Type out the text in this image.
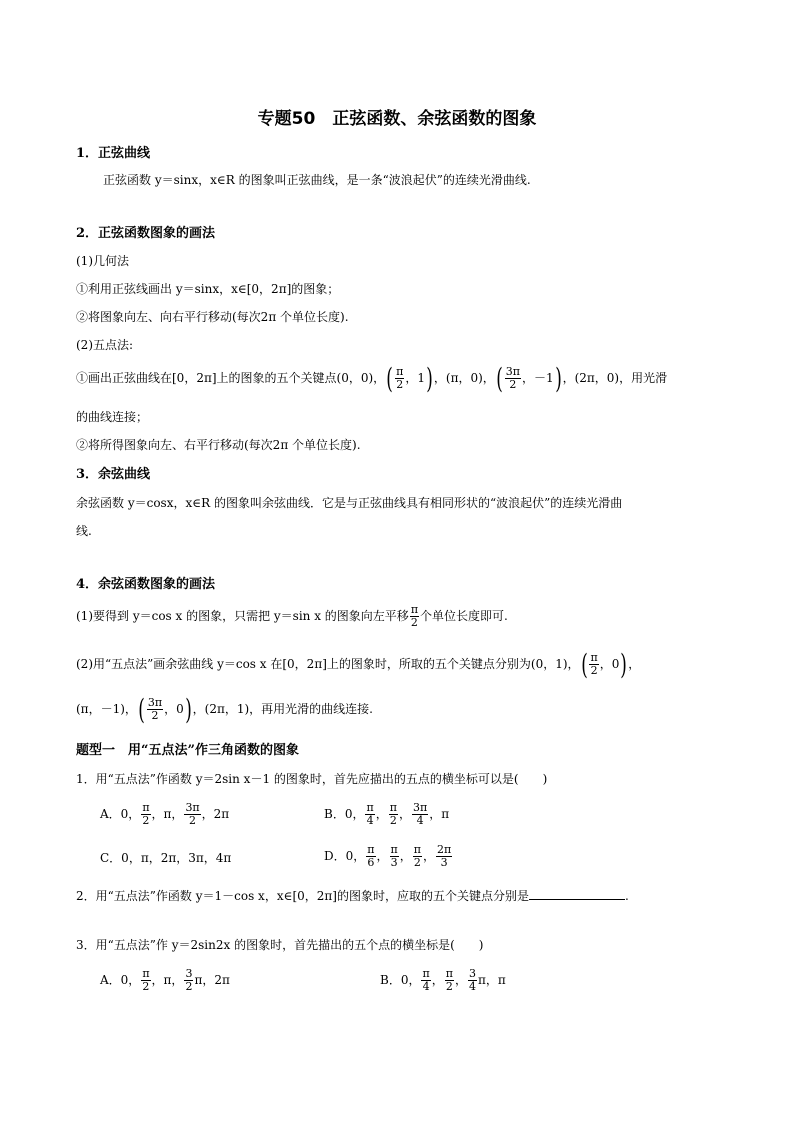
专题50　正弦函数、余弦函数的图象
1．正弦曲线
正弦函数 y＝sinx，x∈R 的图象叫正弦曲线，是一条“波浪起伏”的连续光滑曲线.
2．正弦函数图象的画法
(1)几何法
①利用正弦线画出 y＝sinx，x∈[0，2π]的图象；
②将图象向左、向右平行移动(每次2π 个单位长度).
(2)五点法:
①画出正弦曲线在[0，2π]上的图象的五个关键点(0，0)，( $\frac{\pi}{2}$ ，1)，(π，0)，( $\frac{3\pi}{2}$ ，－1)，(2π，0)，用光滑
的曲线连接；
②将所得图象向左、右平行移动(每次2π 个单位长度).
3．余弦曲线
余弦函数 y＝cosx，x∈R 的图象叫余弦曲线．它是与正弦曲线具有相同形状的“波浪起伏”的连续光滑曲
线.
4．余弦函数图象的画法
(1)要得到 y＝cos x 的图象，只需把 y＝sin x 的图象向左平移 $\frac{\pi}{2}$ 个单位长度即可.
(2)用“五点法”画余弦曲线 y＝cos x 在[0，2π]上的图象时，所取的五个关键点分别为(0，1)，( $\frac{\pi}{2}$ ，0)，
(π，－1)，( $\frac{3\pi}{2}$ ，0)，(2π，1)，再用光滑的曲线连接.
题型一　用“五点法”作三角函数的图象
1．用“五点法”作函数 y＝2sin x－1 的图象时，首先应描出的五点的横坐标可以是(　　)
A．0， $\frac{\pi}{2}$ ，π， $\frac{3\pi}{2}$ ，2π	B．0， $\frac{\pi}{4}$ ， $\frac{\pi}{2}$ ， $\frac{3\pi}{4}$ ，π
C．0，π，2π，3π，4π	D．0， $\frac{\pi}{6}$ ， $\frac{\pi}{3}$ ， $\frac{\pi}{2}$ ， $\frac{2\pi}{3}$
2．用“五点法”作函数 y＝1－cos x，x∈[0，2π]的图象时，应取的五个关键点分别是	.
3．用“五点法”作 y＝2sin2x 的图象时，首先描出的五个点的横坐标是(　　)
A．0， $\frac{\pi}{2}$ ，π， $\frac{3}{2}$ π，2π	B．0， $\frac{\pi}{4}$ ， $\frac{\pi}{2}$ ， $\frac{3}{4}$ π，π
